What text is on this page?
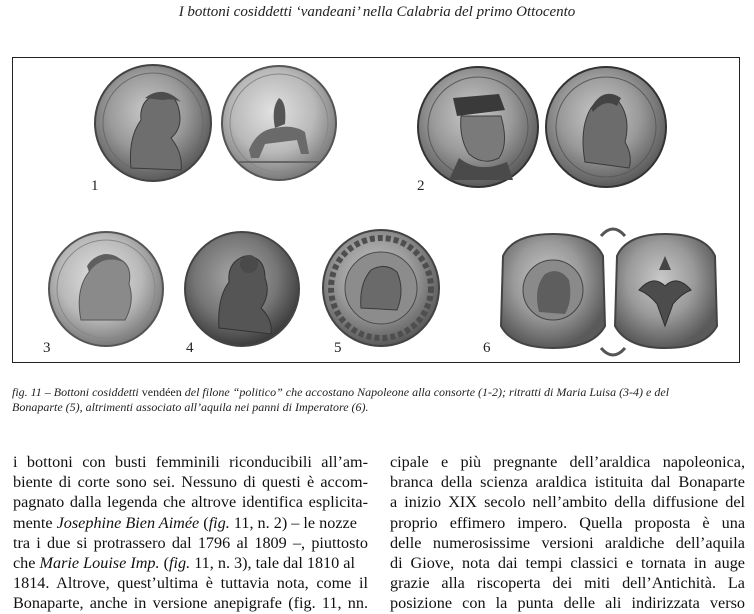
I bottoni cosiddetti ‘vandeani’ nella Calabria del primo Ottocento
1	2
3	4	5	6
fig. 11 – Bottoni cosiddetti vendéen del filone “politico” che accostano Napoleone alla consorte (1-2); ritratti di Maria Luisa (3-4) e del
Bonaparte (5), altrimenti associato all’aquila nei panni di Imperatore (6).
i bottoni con busti femminili riconducibili all’am-
biente di corte sono sei. Nessuno di questi è accom-
pagnato dalla legenda che altrove identifica esplicita-
mente Josephine Bien Aimée (fig. 11, n. 2) – le nozze
tra i due si protrassero dal 1796 al 1809 –, piuttosto
che Marie Louise Imp. (fig. 11, n. 3), tale dal 1810 al
1814. Altrove, quest’ultima è tuttavia nota, come il
Bonaparte, anche in versione anepigrafe (fig. 11, nn.
cipale e più pregnante dell’araldica napoleonica,
branca della scienza araldica istituita dal Bonaparte
a inizio XIX secolo nell’ambito della diffusione del
proprio effimero impero. Quella proposta è una
delle numerosissime versioni araldiche dell’aquila
di Giove, nota dai tempi classici e tornata in auge
grazie alla riscoperta dei miti dell’Antichità. La
posizione con la punta delle ali indirizzata verso
